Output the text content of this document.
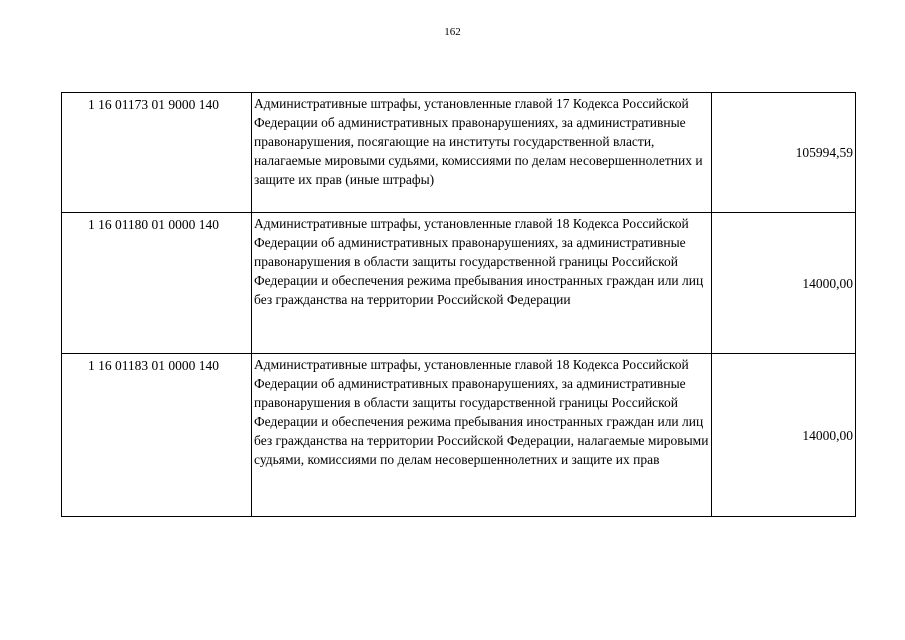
162
1 16 01173 01 9000 140	Административные штрафы, установленные главой 17 Кодекса Российской Федерации об административных правонарушениях, за административные правонарушения, посягающие на институты государственной власти, налагаемые мировыми судьями, комиссиями по делам несовершеннолетних и защите их прав (иные штрафы)	105994,59
1 16 01180 01 0000 140	Административные штрафы, установленные главой 18 Кодекса Российской Федерации об административных правонарушениях, за административные правонарушения в области защиты государственной границы Российской Федерации и обеспечения режима пребывания иностранных граждан или лиц без гражданства на территории Российской Федерации	14000,00
1 16 01183 01 0000 140	Административные штрафы, установленные главой 18 Кодекса Российской Федерации об административных правонарушениях, за административные правонарушения в области защиты государственной границы Российской Федерации и обеспечения режима пребывания иностранных граждан или лиц без гражданства на территории Российской Федерации, налагаемые мировыми судьями, комиссиями по делам несовершеннолетних и защите их прав	14000,00
